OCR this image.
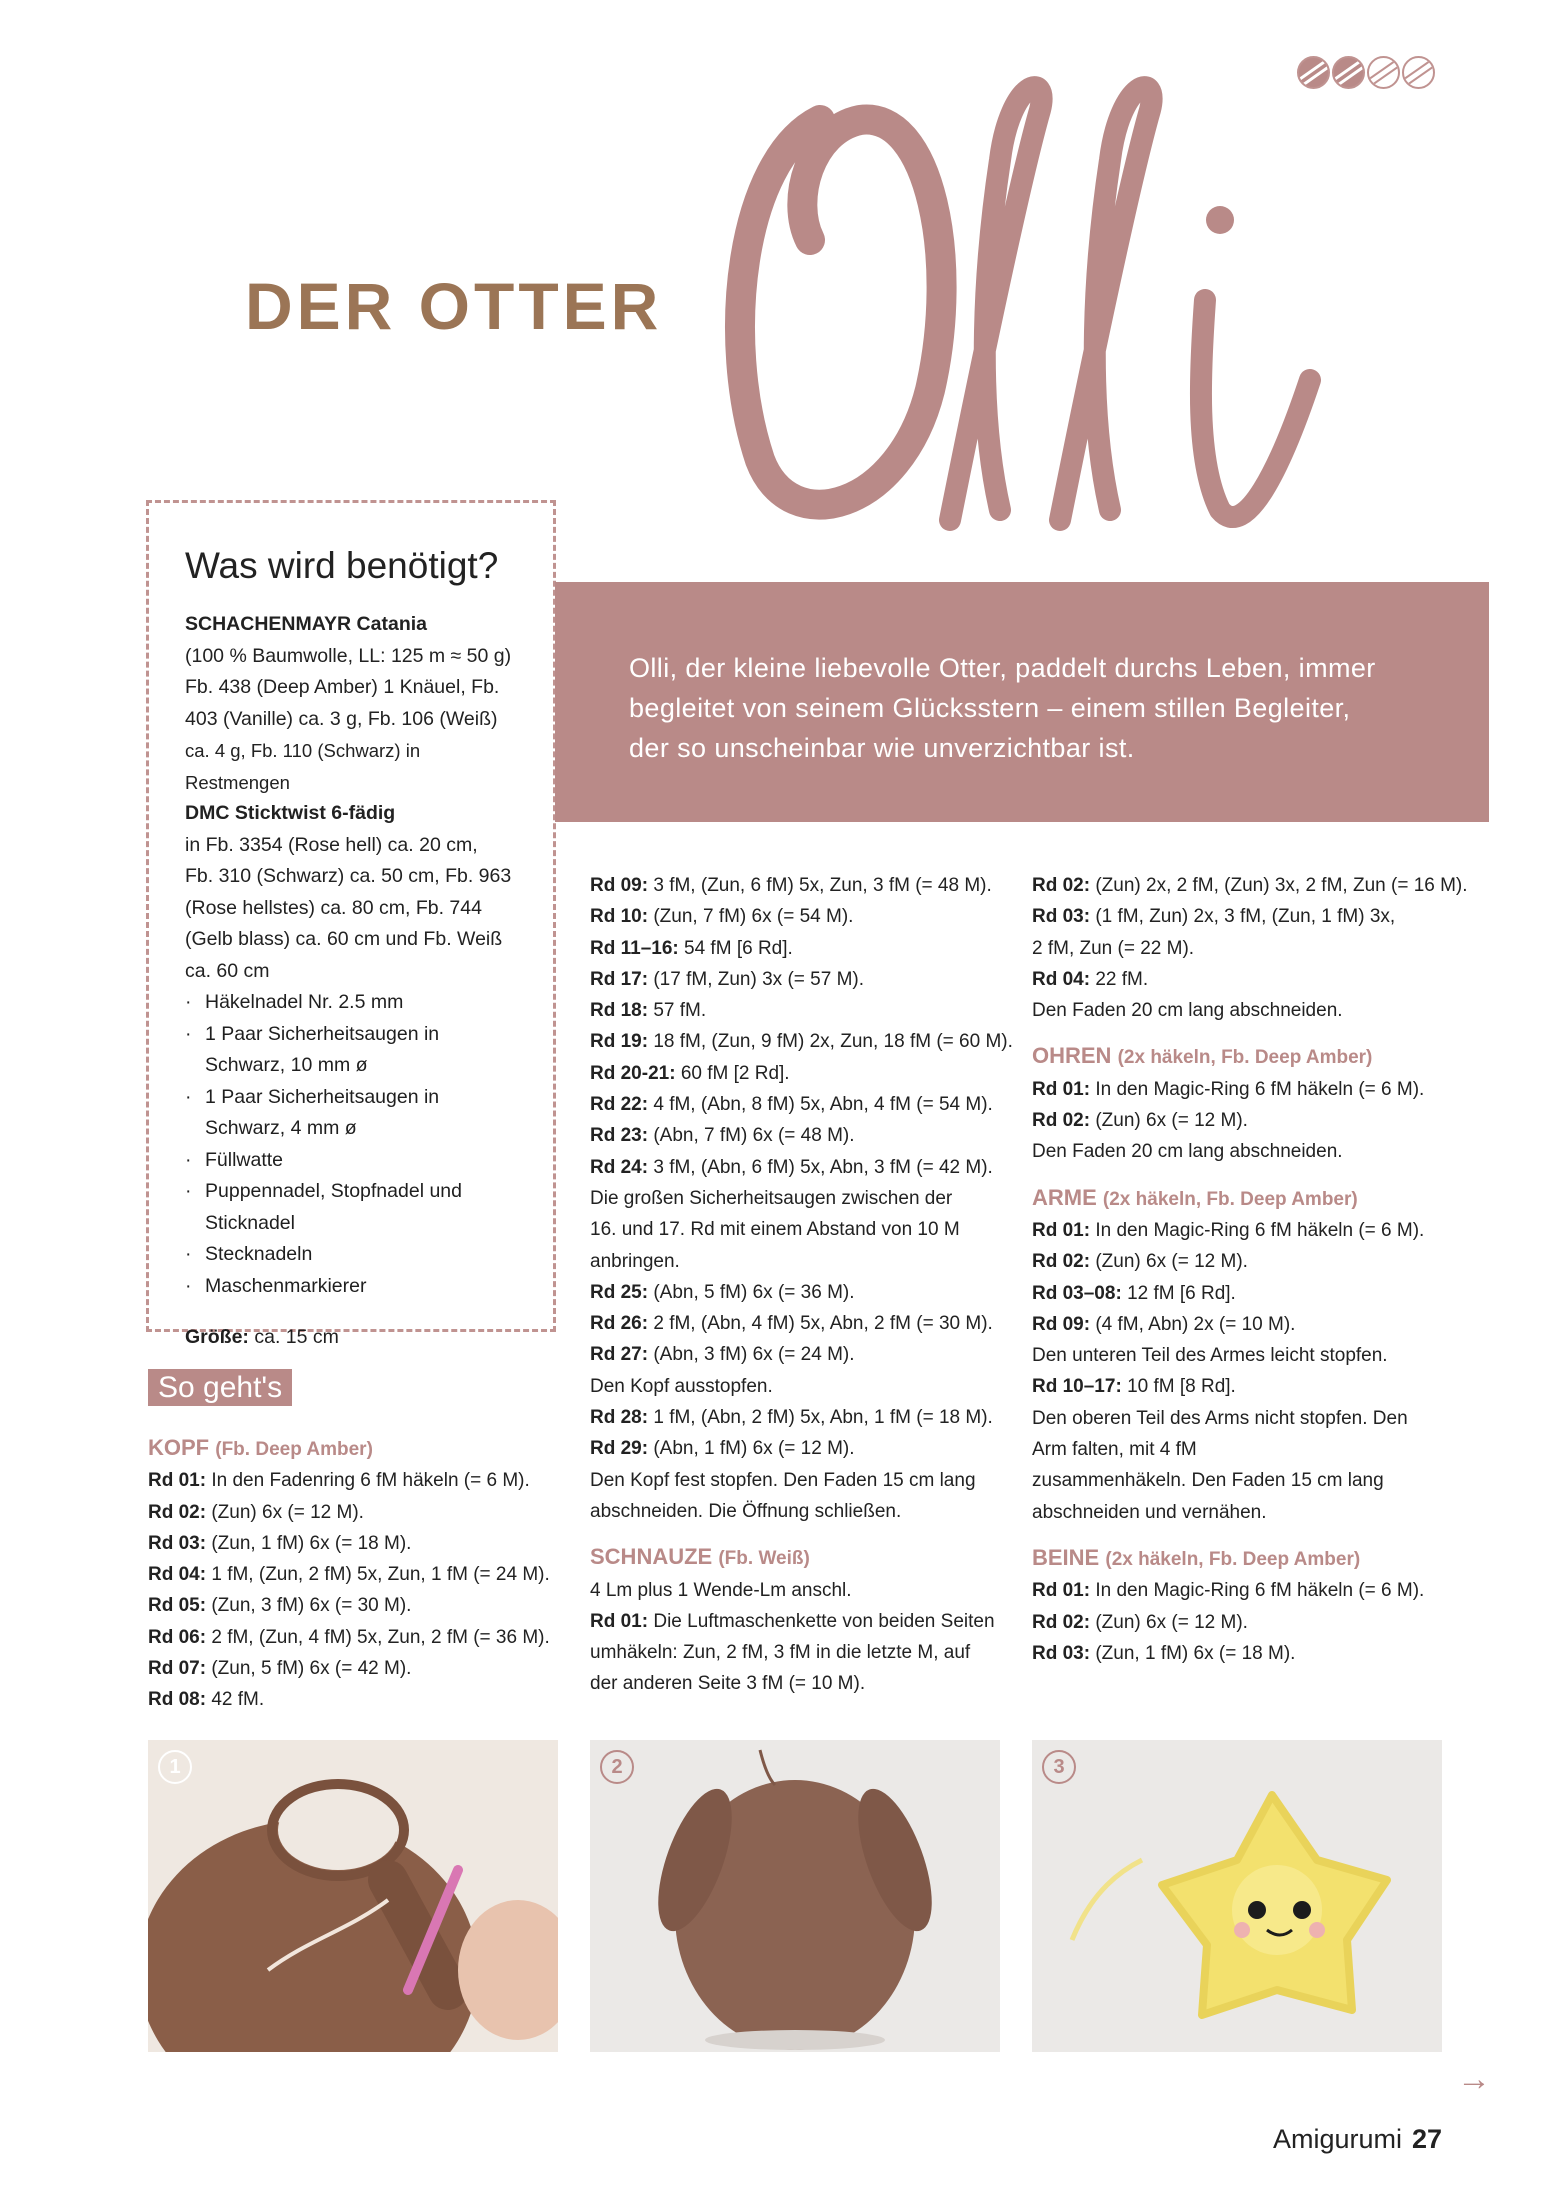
DER OTTER
Was wird benötigt?
SCHACHENMAYR Catania
(100 % Baumwolle, LL: 125 m ≈ 50 g)
Fb. 438 (Deep Amber) 1 Knäuel, Fb.
403 (Vanille) ca. 3 g, Fb. 106 (Weiß)
ca. 4 g, Fb. 110 (Schwarz) in Restmengen
DMC Sticktwist 6-fädig
in Fb. 3354 (Rose hell) ca. 20 cm,
Fb. 310 (Schwarz) ca. 50 cm, Fb. 963
(Rose hellstes) ca. 80 cm, Fb. 744
(Gelb blass) ca. 60 cm und Fb. Weiß
ca. 60 cm
· Häkelnadel Nr. 2.5 mm
· 1 Paar Sicherheitsaugen in Schwarz, 10 mm ø
· 1 Paar Sicherheitsaugen in Schwarz, 4 mm ø
· Füllwatte
· Puppennadel, Stopfnadel und Sticknadel
· Stecknadeln
· Maschenmarkierer
Größe: ca. 15 cm
Olli, der kleine liebevolle Otter, paddelt durchs Leben, immer
begleitet von seinem Glücksstern – einem stillen Begleiter,
der so unscheinbar wie unverzichtbar ist.
So geht's

KOPF (Fb. Deep Amber)

Rd 01: In den Fadenring 6 fM häkeln (= 6 M).

Rd 02: (Zun) 6x (= 12 M).

Rd 03: (Zun, 1 fM) 6x (= 18 M).

Rd 04: 1 fM, (Zun, 2 fM) 5x, Zun, 1 fM (= 24 M).

Rd 05: (Zun, 3 fM) 6x (= 30 M).

Rd 06: 2 fM, (Zun, 4 fM) 5x, Zun, 2 fM (= 36 M).

Rd 07: (Zun, 5 fM) 6x (= 42 M).

Rd 08: 42 fM.

Rd 09: 3 fM, (Zun, 6 fM) 5x, Zun, 3 fM (= 48 M).

Rd 10: (Zun, 7 fM) 6x (= 54 M).

Rd 11–16: 54 fM [6 Rd].

Rd 17: (17 fM, Zun) 3x (= 57 M).

Rd 18: 57 fM.

Rd 19: 18 fM, (Zun, 9 fM) 2x, Zun, 18 fM (= 60 M).

Rd 20-21: 60 fM [2 Rd].

Rd 22: 4 fM, (Abn, 8 fM) 5x, Abn, 4 fM (= 54 M).

Rd 23: (Abn, 7 fM) 6x (= 48 M).

Rd 24: 3 fM, (Abn, 6 fM) 5x, Abn, 3 fM (= 42 M).

Die großen Sicherheitsaugen zwischen der

16. und 17. Rd mit einem Abstand von 10 M

anbringen.

Rd 25: (Abn, 5 fM) 6x (= 36 M).

Rd 26: 2 fM, (Abn, 4 fM) 5x, Abn, 2 fM (= 30 M).

Rd 27: (Abn, 3 fM) 6x (= 24 M).

Den Kopf ausstopfen.

Rd 28: 1 fM, (Abn, 2 fM) 5x, Abn, 1 fM (= 18 M).

Rd 29: (Abn, 1 fM) 6x (= 12 M).

Den Kopf fest stopfen. Den Faden 15 cm lang

abschneiden. Die Öffnung schließen.

SCHNAUZE (Fb. Weiß)

4 Lm plus 1 Wende-Lm anschl.

Rd 01: Die Luftmaschenkette von beiden Seiten

umhäkeln: Zun, 2 fM, 3 fM in die letzte M, auf

der anderen Seite 3 fM (= 10 M).

Rd 02: (Zun) 2x, 2 fM, (Zun) 3x, 2 fM, Zun (= 16 M).

Rd 03: (1 fM, Zun) 2x, 3 fM, (Zun, 1 fM) 3x,

2 fM, Zun (= 22 M).

Rd 04: 22 fM.

Den Faden 20 cm lang abschneiden.

OHREN (2x häkeln, Fb. Deep Amber)

Rd 01: In den Magic-Ring 6 fM häkeln (= 6 M).

Rd 02: (Zun) 6x (= 12 M).

Den Faden 20 cm lang abschneiden.

ARME (2x häkeln, Fb. Deep Amber)

Rd 01: In den Magic-Ring 6 fM häkeln (= 6 M).

Rd 02: (Zun) 6x (= 12 M).

Rd 03–08: 12 fM [6 Rd].

Rd 09: (4 fM, Abn) 2x (= 10 M).

Den unteren Teil des Armes leicht stopfen.

Rd 10–17: 10 fM [8 Rd].

Den oberen Teil des Arms nicht stopfen. Den

Arm falten, mit 4 fM

zusammenhäkeln. Den Faden 15 cm lang

abschneiden und vernähen.

BEINE (2x häkeln, Fb. Deep Amber)

Rd 01: In den Magic-Ring 6 fM häkeln (= 6 M).

Rd 02: (Zun) 6x (= 12 M).

Rd 03: (Zun, 1 fM) 6x (= 18 M).

1	2	3
→
Amigurumi 27
